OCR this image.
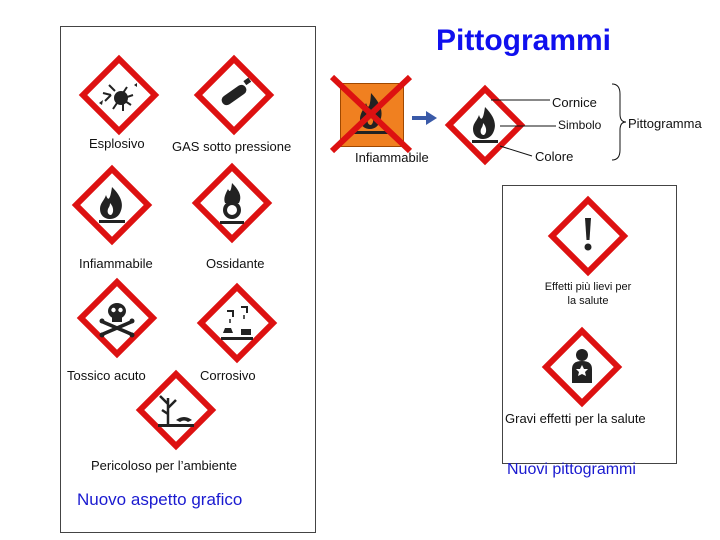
Pittogrammi
Esplosivo GAS sotto pressione
Infiammabile	Ossidante
Tossico acuto	Corrosivo
Pericoloso per l’ambiente
Nuovo aspetto grafico
Infiammabile
Cornice
Simbolo
Colore
Pittogramma
Effetti più lievi per la salute
Gravi effetti per la salute
Nuovi pittogrammi
